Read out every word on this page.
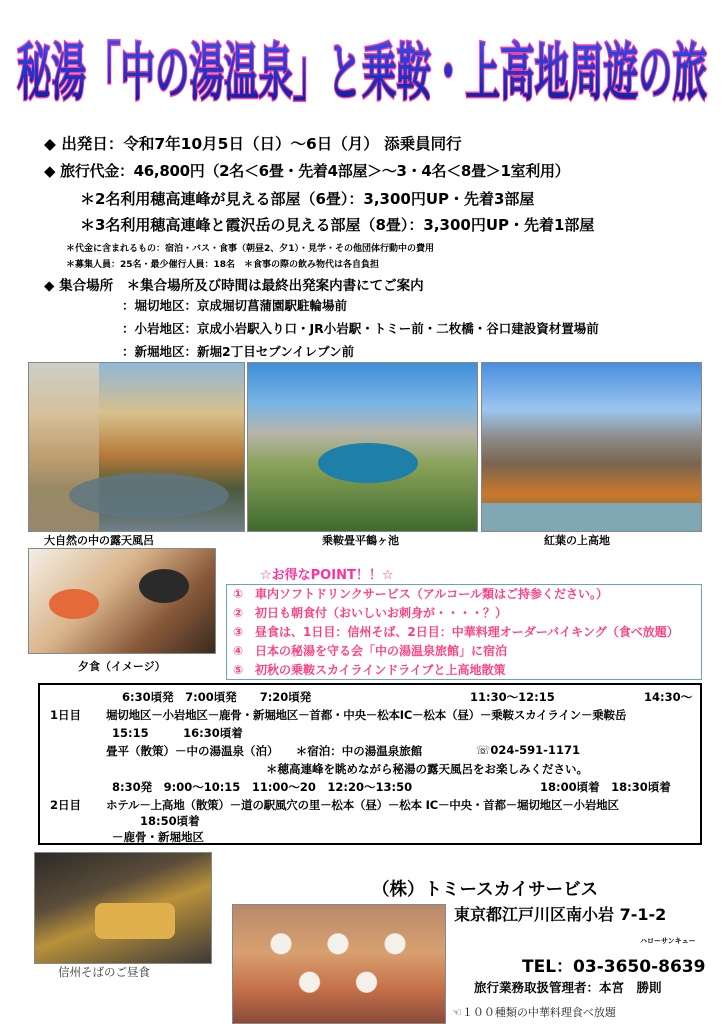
秘湯「中の湯温泉」と乗鞍・上高地周遊の旅
◆ 出発日：令和7年10月5日（日）～6日（月） 添乗員同行
◆ 旅行代金：46,800円（2名＜6畳・先着4部屋＞～3・4名＜8畳＞1室利用）
＊2名利用穂高連峰が見える部屋（6畳）：3,300円UP・先着3部屋
＊3名利用穂高連峰と霞沢岳の見える部屋（8畳）：3,300円UP・先着1部屋
＊代金に含まれるもの：宿泊・バス・食事（朝昼2、夕1）・見学・その他団体行動中の費用
＊募集人員：25名・最少催行人員：18名　＊食事の際の飲み物代は各自負担
◆ 集合場所　＊集合場所及び時間は最終出発案内書にてご案内
：堀切地区：京成堀切菖蒲園駅駐輪場前
：小岩地区：京成小岩駅入り口・JR小岩駅・トミー前・二枚橋・谷口建設資材置場前
：新堀地区：新堀2丁目セブンイレブン前
大自然の中の露天風呂	乗鞍畳平鶴ヶ池	紅葉の上高地
夕食（イメージ）
☆お得なPOINT！！☆
① 車内ソフトドリンクサービス（アルコール類はご持参ください。）
② 初日も朝食付（おいしいお刺身が・・・・？）
③ 昼食は、1日目：信州そば、2日目：中華料理オーダーバイキング（食べ放題）
④ 日本の秘湯を守る会「中の湯温泉旅館」に宿泊
⑤ 初秋の乗鞍スカイラインドライブと上高地散策
6:30頃発　7:00頃発　　7:20頃発	11:30～12:15	14:30～
1日目 堀切地区－小岩地区－鹿骨・新堀地区－首都・中央－松本IC－松本（昼）－乗鞍スカイライン－乗鞍岳
15:15　　　16:30頃着
畳平（散策）－中の湯温泉（泊）　　＊宿泊：中の湯温泉旅館	☏024-591-1171
＊穂高連峰を眺めながら秘湯の露天風呂をお楽しみください。
8:30発　9:00～10:15　11:00～20　12:20～13:50	18:00頃着　18:30頃着
2日目 ホテル－上高地（散策）－道の駅風穴の里－松本（昼）－松本 IC－中央・首都－堀切地区－小岩地区
18:50頃着
－鹿骨・新堀地区
信州そばのご昼食
（株）トミースカイサービス
東京都江戸川区南小岩 7-1-2
ハローサンキュー
TEL：03-3650-8639
旅行業務取扱管理者：本宮　勝則
☜１００種類の中華料理食べ放題
